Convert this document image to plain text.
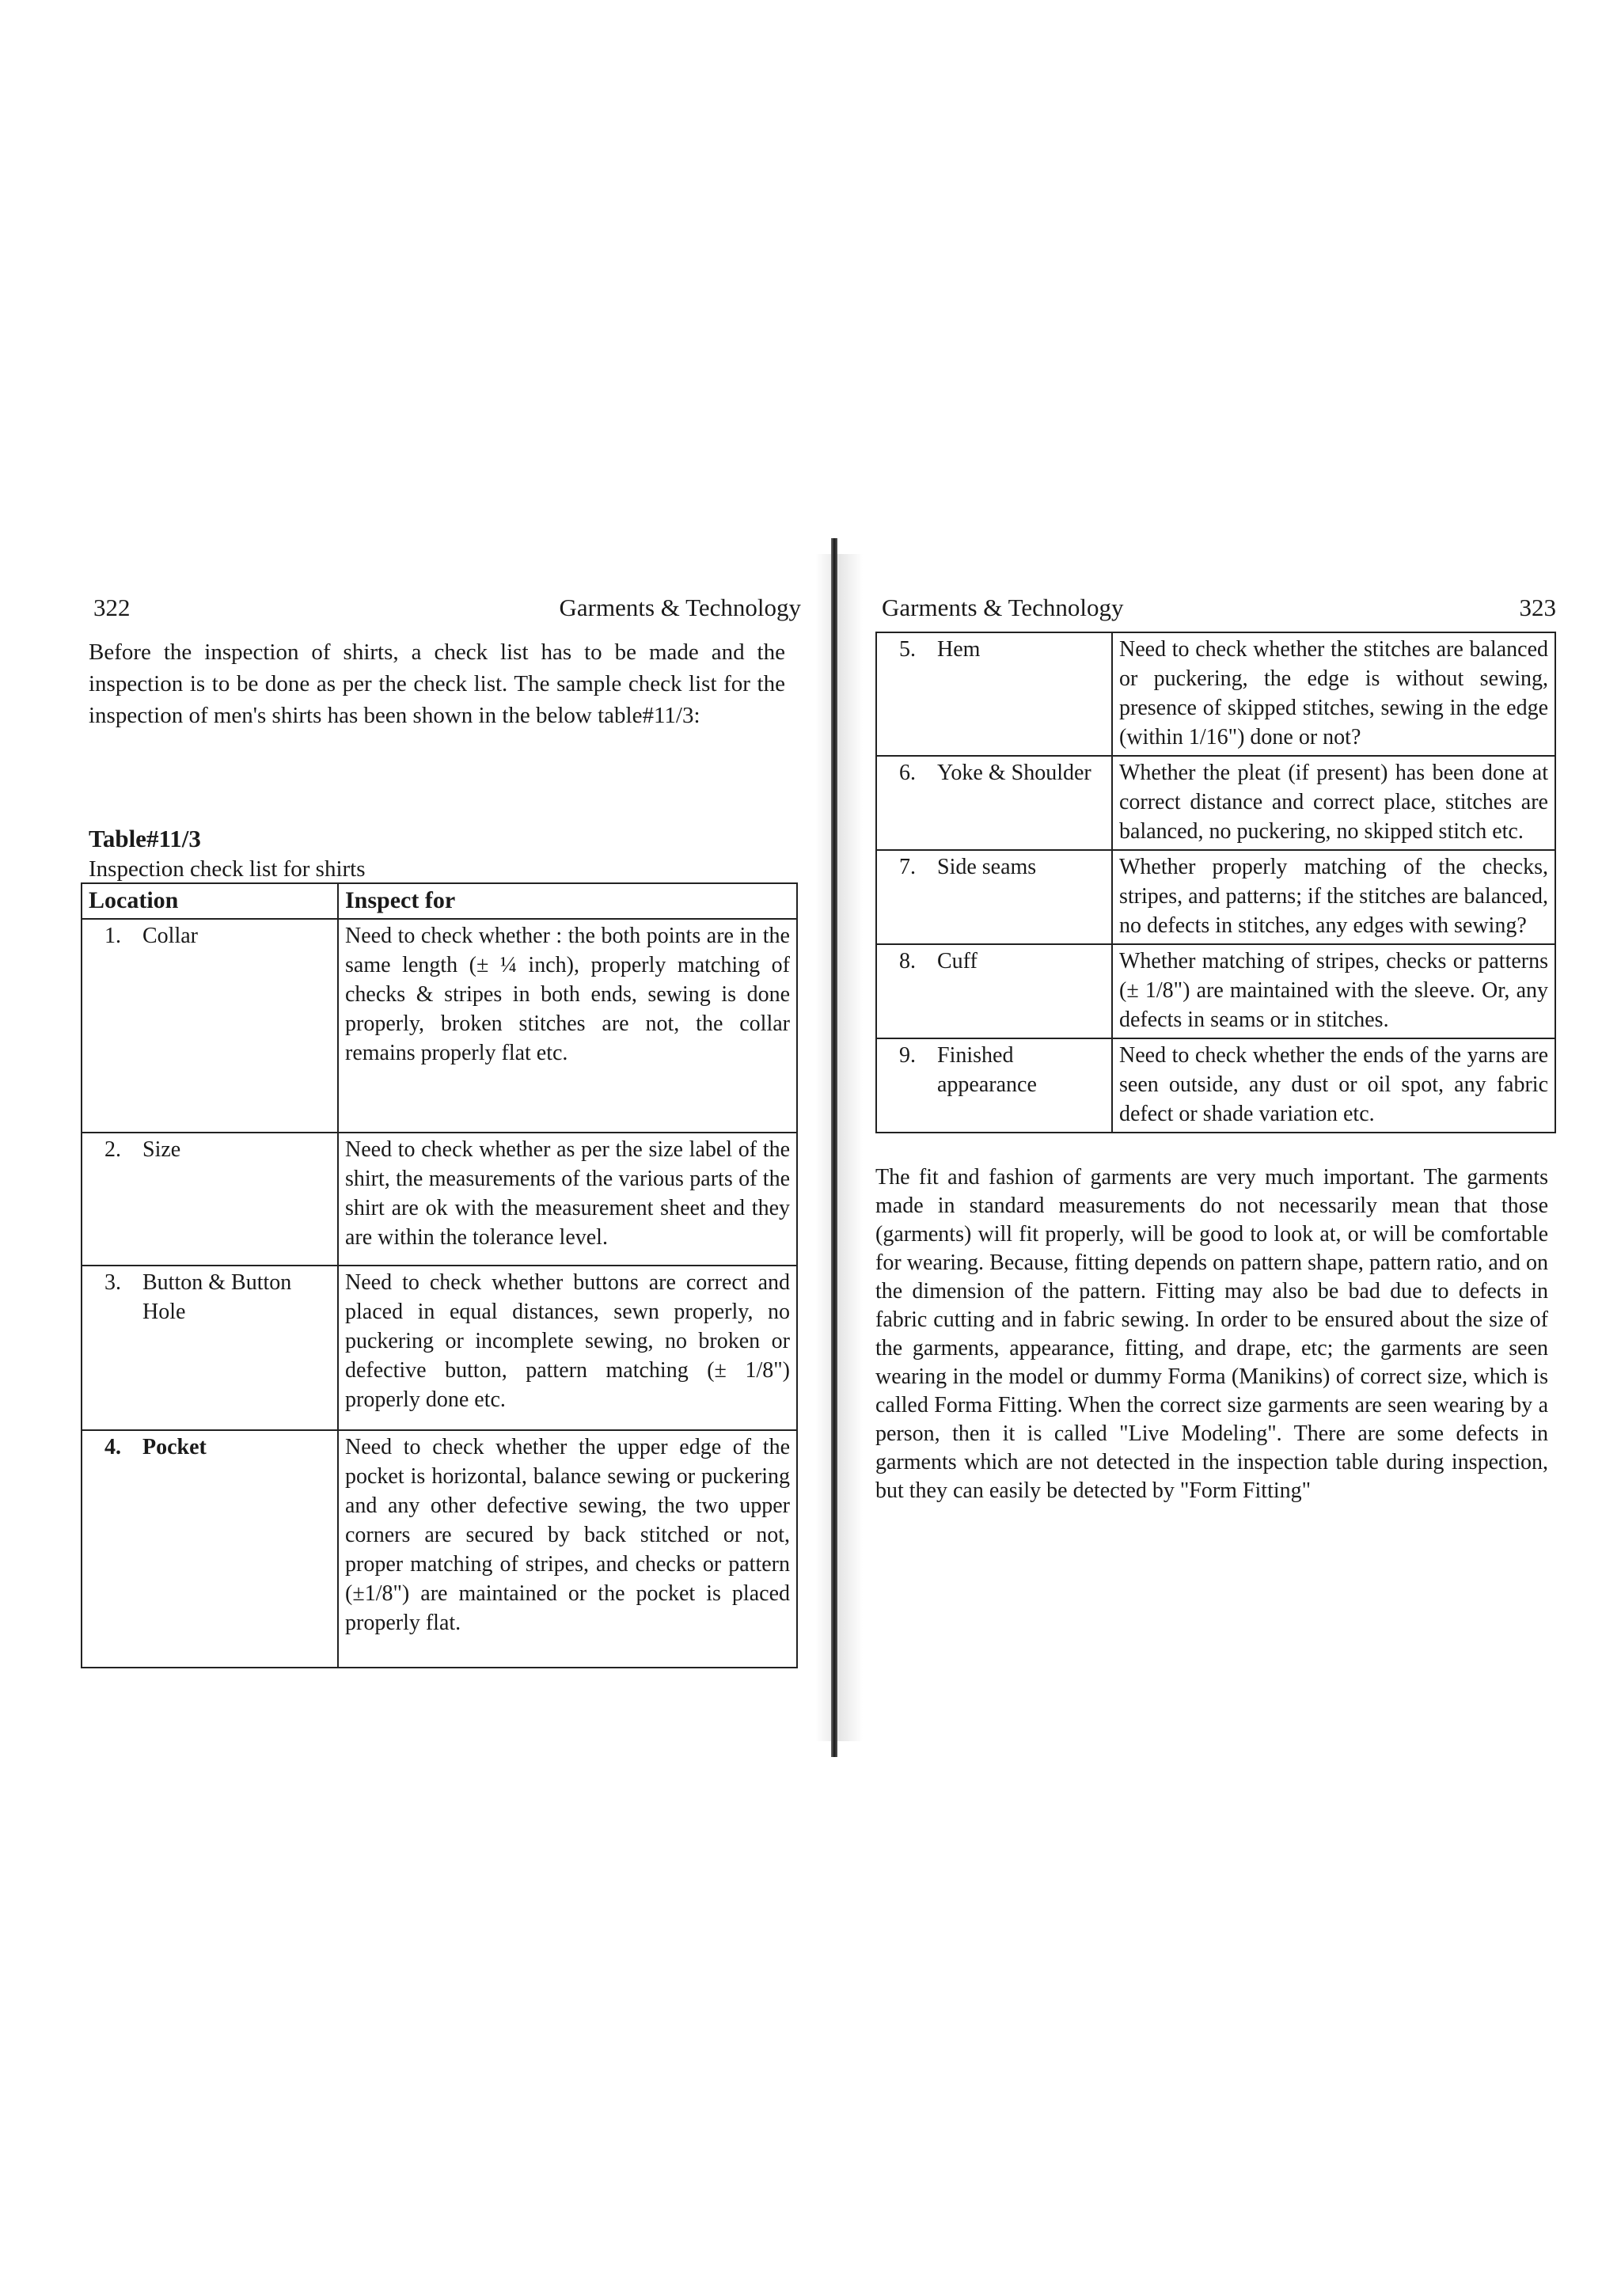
322	Garments & Technology
Before the inspection of shirts, a check list has to be made and the inspection is to be done as per the check list. The sample check list for the inspection of men's shirts has been shown in the below table#11/3:
Table#11/3
Inspection check list for shirts
Location	Inspect for

1. Collar	Need to check whether : the both points are in the same length (± ¼ inch), properly matching of checks & stripes in both ends, sewing is done properly, broken stitches are not, the collar remains properly flat etc.

2. Size	Need to check whether as per the size label of the shirt, the measurements of the various parts of the shirt are ok with the measurement sheet and they are within the tolerance level.

3. Button & Button Hole	Need to check whether buttons are correct and placed in equal distances, sewn properly, no puckering or incomplete sewing, no broken or defective button, pattern matching (± 1/8") properly done etc.

4. Pocket	Need to check whether the upper edge of the pocket is horizontal, balance sewing or puckering and any other defective sewing, the two upper corners are secured by back stitched or not, proper matching of stripes, and checks or pattern (±1/8") are maintained or the pocket is placed properly flat.
Garments & Technology	323
5. Hem	Need to check whether the stitches are balanced or puckering, the edge is without sewing, presence of skipped stitches, sewing in the edge (within 1/16") done or not?

6. Yoke & Shoulder	Whether the pleat (if present) has been done at correct distance and correct place, stitches are balanced, no puckering, no skipped stitch etc.

7. Side seams	Whether properly matching of the checks, stripes, and patterns; if the stitches are balanced, no defects in stitches, any edges with sewing?

8. Cuff	Whether matching of stripes, checks or patterns (± 1/8") are maintained with the sleeve. Or, any defects in seams or in stitches.

9. Finished appearance	Need to check whether the ends of the yarns are seen outside, any dust or oil spot, any fabric defect or shade variation etc.
The fit and fashion of garments are very much important. The garments made in standard measurements do not necessarily mean that those (garments) will fit properly, will be good to look at, or will be comfortable for wearing. Because, fitting depends on pattern shape, pattern ratio, and on the dimension of the pattern. Fitting may also be bad due to defects in fabric cutting and in fabric sewing. In order to be ensured about the size of the garments, appearance, fitting, and drape, etc; the garments are seen wearing in the model or dummy Forma (Manikins) of correct size, which is called Forma Fitting. When the correct size garments are seen wearing by a person, then it is called "Live Modeling". There are some defects in garments which are not detected in the inspection table during inspection, but they can easily be detected by "Form Fitting"
